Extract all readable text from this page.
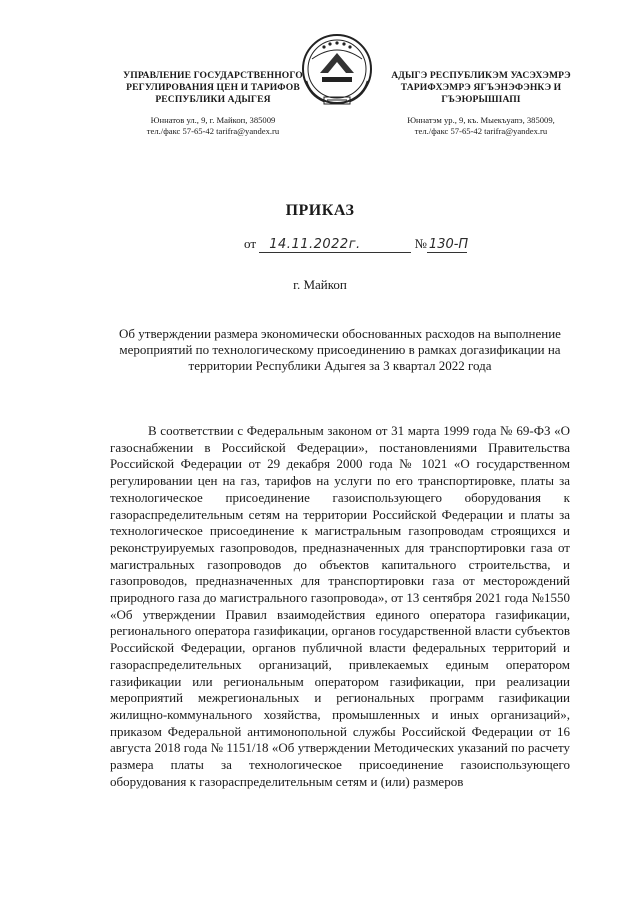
УПРАВЛЕНИЕ ГОСУДАРСТВЕННОГО РЕГУЛИРОВАНИЯ ЦЕН И ТАРИФОВ РЕСПУБЛИКИ АДЫГЕЯ
Юннатов ул., 9, г. Майкоп, 385009
тел./факс 57-65-42 tarifra@yandex.ru
АДЫГЭ РЕСПУБЛИКЭМ УАСЭХЭМРЭ ТАРИФХЭМРЭ ЯГЪЭНЭФЭНКЭ И ГЪЭЮРЫШІАПІ
Юннатэм ур., 9, къ. Мыекъуапэ, 385009,
тел./факс 57-65-42 tarifra@yandex.ru
ПРИКАЗ
от 14.11.2022г.	№ 130-П
г. Майкоп
Об утверждении размера экономически обоснованных расходов на выполнение мероприятий по технологическому присоединению в рамках догазификации на территории Республики Адыгея за 3 квартал 2022 года

В соответствии с Федеральным законом от 31 марта 1999 года № 69-ФЗ «О газоснабжении в Российской Федерации», постановлениями Правительства Российской Федерации от 29 декабря 2000 года № 1021 «О государственном регулировании цен на газ, тарифов на услуги по его транспортировке, платы за технологическое присоединение газоиспользующего оборудования к газораспределительным сетям на территории Российской Федерации и платы за технологическое присоединение к магистральным газопроводам строящихся и реконструируемых газопроводов, предназначенных для транспортировки газа от магистральных газопроводов до объектов капитального строительства, и газопроводов, предназначенных для транспортировки газа от месторождений природного газа до магистрального газопровода», от 13 сентября 2021 года №1550 «Об утверждении Правил взаимодействия единого оператора газификации, регионального оператора газификации, органов государственной власти субъектов Российской Федерации, органов публичной власти федеральных территорий и газораспределительных организаций, привлекаемых единым оператором газификации или региональным оператором газификации, при реализации мероприятий межрегиональных и региональных программ газификации жилищно-коммунального хозяйства, промышленных и иных организаций», приказом Федеральной антимонопольной службы Российской Федерации от 16 августа 2018 года № 1151/18 «Об утверждении Методических указаний по расчету размера платы за технологическое присоединение газоиспользующего оборудования к газораспределительным сетям и (или) размеров
